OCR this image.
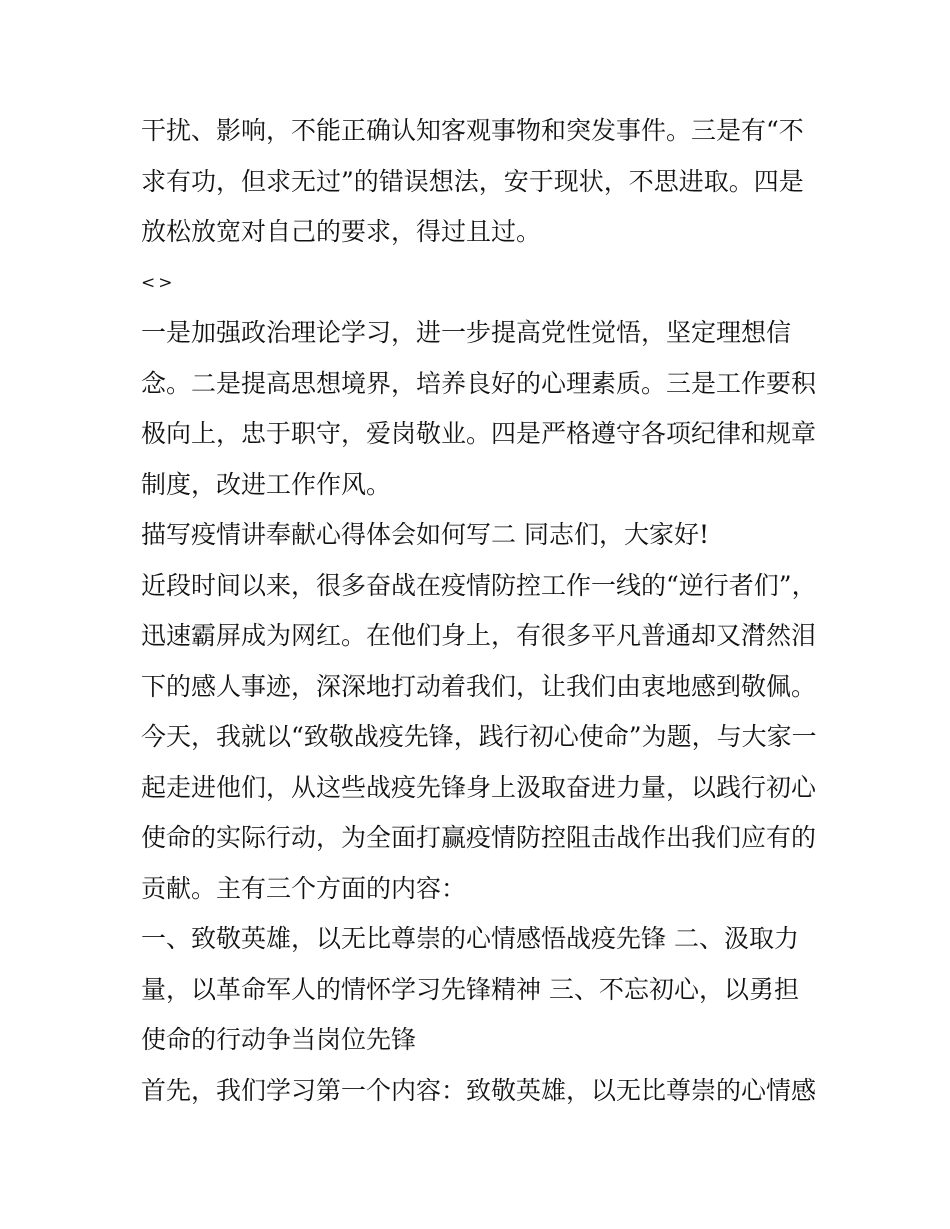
干扰、影响，不能正确认知客观事物和突发事件。三是有“不
求有功，但求无过”的错误想法，安于现状，不思进取。四是
放松放宽对自己的要求，得过且过。
<>
一是加强政治理论学习，进一步提高党性觉悟，坚定理想信
念。二是提高思想境界，培养良好的心理素质。三是工作要积
极向上，忠于职守，爱岗敬业。四是严格遵守各项纪律和规章
制度，改进工作作风。
描写疫情讲奉献心得体会如何写二 同志们，大家好!
近段时间以来，很多奋战在疫情防控工作一线的“逆行者们”，
迅速霸屏成为网红。在他们身上，有很多平凡普通却又潸然泪
下的感人事迹，深深地打动着我们，让我们由衷地感到敬佩。
今天，我就以“致敬战疫先锋，践行初心使命”为题，与大家一
起走进他们，从这些战疫先锋身上汲取奋进力量，以践行初心
使命的实际行动，为全面打赢疫情防控阻击战作出我们应有的
贡献。主有三个方面的内容：
一、致敬英雄，以无比尊崇的心情感悟战疫先锋 二、汲取力
量，以革命军人的情怀学习先锋精神 三、不忘初心，以勇担
使命的行动争当岗位先锋
首先，我们学习第一个内容：致敬英雄，以无比尊崇的心情感
